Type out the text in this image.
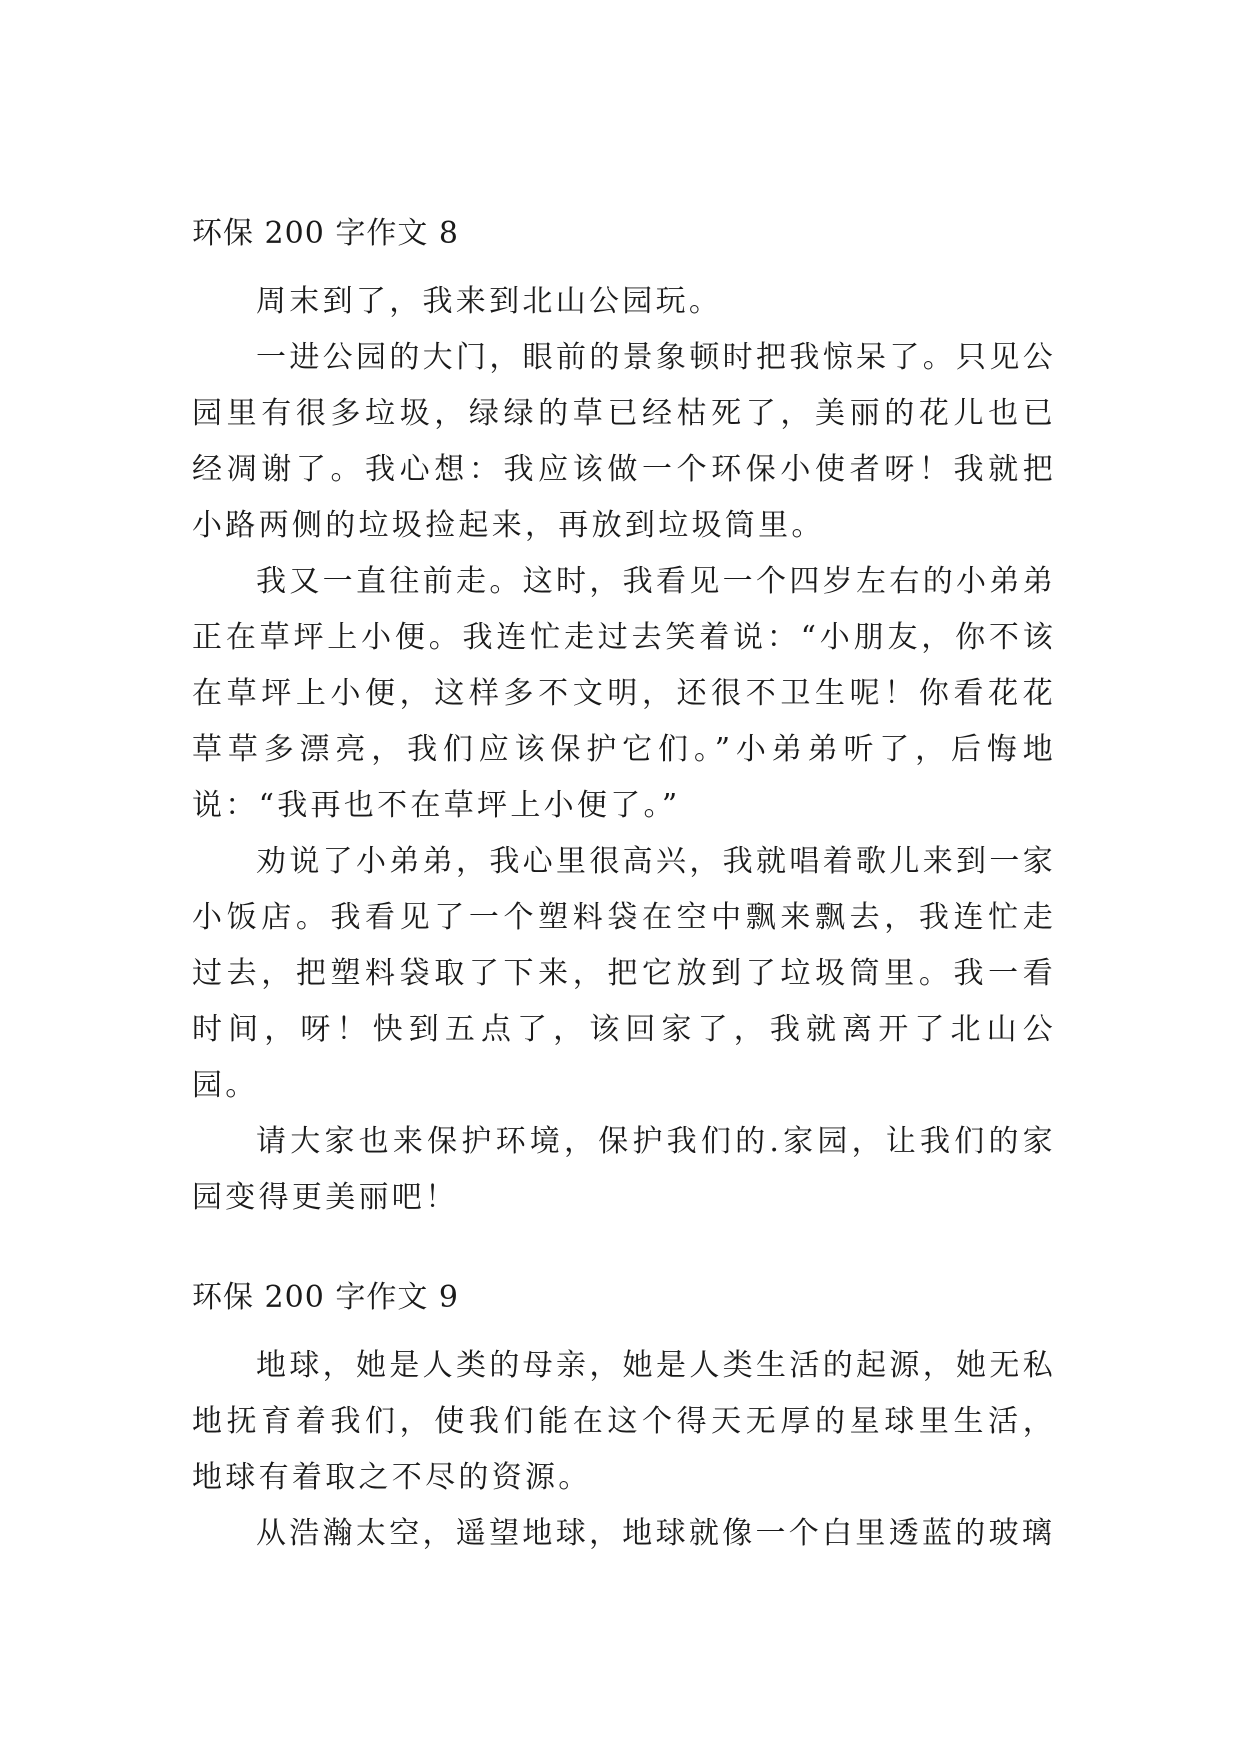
环保 200 字作文 8

周末到了，我来到北山公园玩。

一进公园的大门，眼前的景象顿时把我惊呆了。只见公园里有很多垃圾，绿绿的草已经枯死了，美丽的花儿也已经凋谢了。我心想：我应该做一个环保小使者呀！我就把小路两侧的垃圾捡起来，再放到垃圾筒里。

我又一直往前走。这时，我看见一个四岁左右的小弟弟正在草坪上小便。我连忙走过去笑着说：“小朋友，你不该在草坪上小便，这样多不文明，还很不卫生呢！你看花花草草多漂亮，我们应该保护它们。”小弟弟听了，后悔地说：“我再也不在草坪上小便了。”

劝说了小弟弟，我心里很高兴，我就唱着歌儿来到一家小饭店。我看见了一个塑料袋在空中飘来飘去，我连忙走过去，把塑料袋取了下来，把它放到了垃圾筒里。我一看时间，呀！快到五点了，该回家了，我就离开了北山公园。

请大家也来保护环境，保护我们的.家园，让我们的家园变得更美丽吧！

环保 200 字作文 9

地球，她是人类的母亲，她是人类生活的起源，她无私地抚育着我们，使我们能在这个得天无厚的星球里生活，地球有着取之不尽的资源。

从浩瀚太空，遥望地球，地球就像一个白里透蓝的玻璃
